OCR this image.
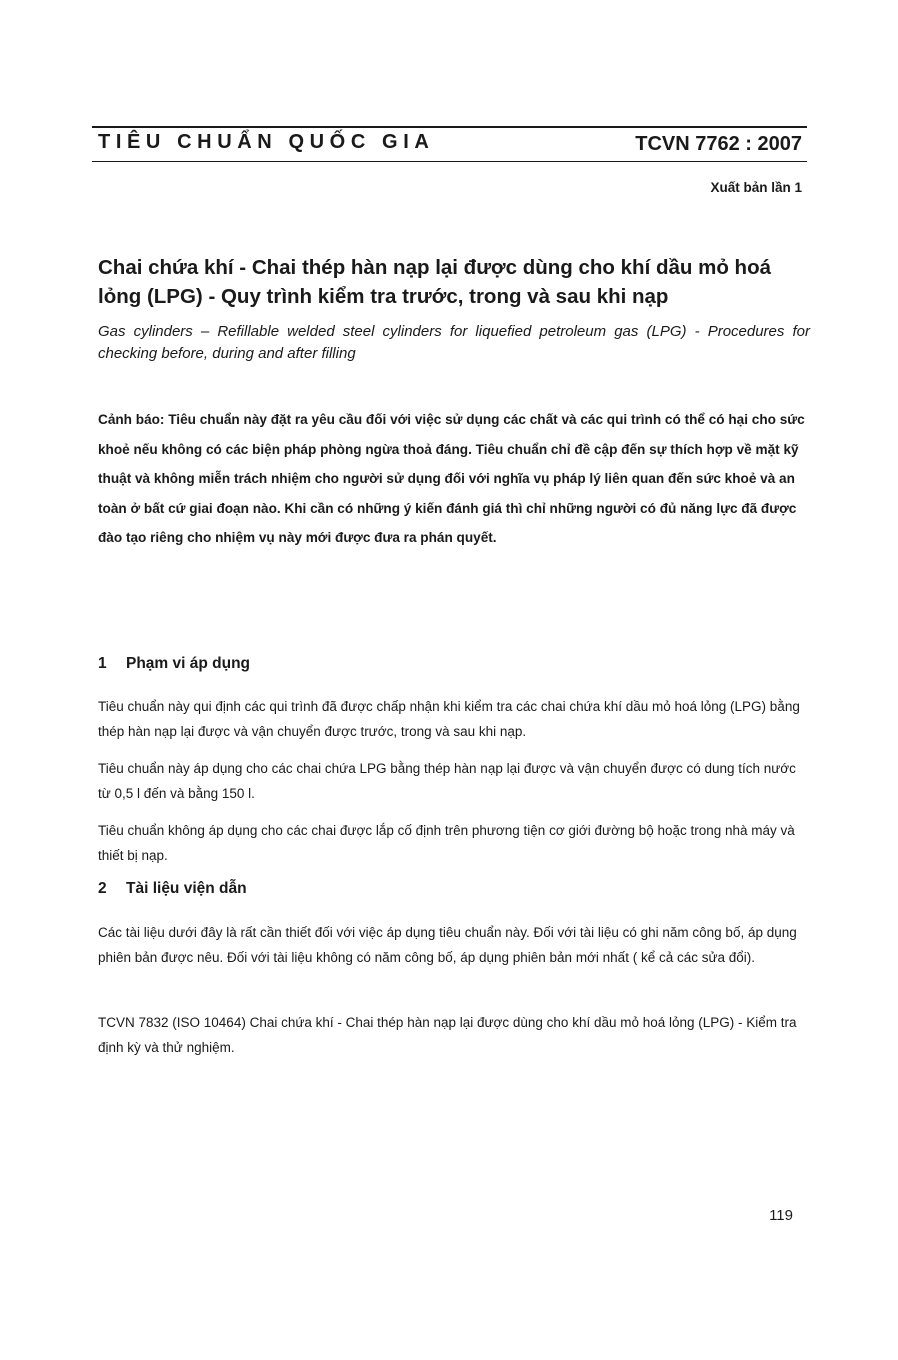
TIÊU CHUẨN QUỐC GIA	TCVN 7762 : 2007
Xuất bản lần 1
Chai chứa khí - Chai thép hàn nạp lại được dùng cho khí dầu mỏ hoá lỏng (LPG) - Quy trình kiểm tra trước, trong và sau khi nạp

Gas cylinders – Refillable welded steel cylinders for liquefied petroleum gas (LPG) - Procedures for checking before, during and after filling

Cảnh báo: Tiêu chuẩn này đặt ra yêu cầu đối với việc sử dụng các chất và các qui trình có thể có hại cho sức khoẻ nếu không có các biện pháp phòng ngừa thoả đáng. Tiêu chuẩn chỉ đề cập đến sự thích hợp về mặt kỹ thuật và không miễn trách nhiệm cho người sử dụng đối với nghĩa vụ pháp lý liên quan đến sức khoẻ và an toàn ở bất cứ giai đoạn nào. Khi cần có những ý kiến đánh giá thì chỉ những người có đủ năng lực đã được đào tạo riêng cho nhiệm vụ này mới được đưa ra phán quyết.

1 Phạm vi áp dụng

Tiêu chuẩn này qui định các qui trình đã được chấp nhận khi kiểm tra các chai chứa khí dầu mỏ hoá lỏng (LPG) bằng thép hàn nạp lại được và vận chuyển được trước, trong và sau khi nạp.

Tiêu chuẩn này áp dụng cho các chai chứa LPG bằng thép hàn nạp lại được và vận chuyển được có dung tích nước từ 0,5 l đến và bằng 150 l.

Tiêu chuẩn không áp dụng cho các chai được lắp cố định trên phương tiện cơ giới đường bộ hoặc trong nhà máy và thiết bị nạp.

2 Tài liệu viện dẫn

Các tài liệu dưới đây là rất cần thiết đối với việc áp dụng tiêu chuẩn này. Đối với tài liệu có ghi năm công bố, áp dụng phiên bản được nêu. Đối với tài liệu không có năm công bố, áp dụng phiên bản mới nhất ( kể cả các sửa đổi).

TCVN 7832 (ISO 10464) Chai chứa khí - Chai thép hàn nạp lại được dùng cho khí dầu mỏ hoá lỏng (LPG) - Kiểm tra định kỳ và thử nghiệm.

119
